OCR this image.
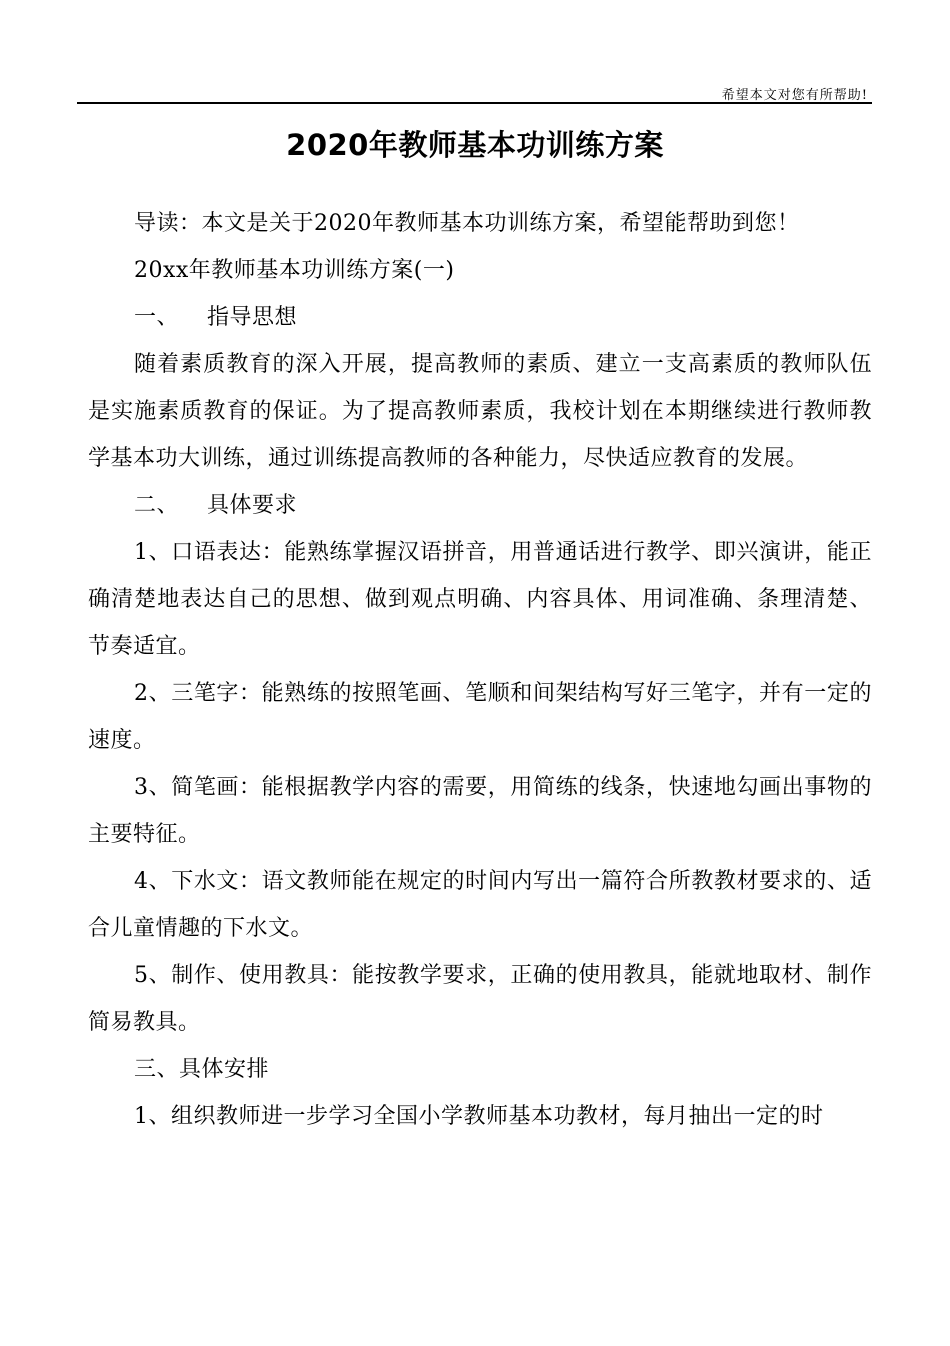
希望本文对您有所帮助!
2020年教师基本功训练方案

导读：本文是关于2020年教师基本功训练方案，希望能帮助到您！

20xx年教师基本功训练方案(一)

一、 指导思想

随着素质教育的深入开展，提高教师的素质、建立一支高素质的教师队伍是实施素质教育的保证。为了提高教师素质，我校计划在本期继续进行教师教学基本功大训练，通过训练提高教师的各种能力，尽快适应教育的发展。

二、 具体要求

1、口语表达：能熟练掌握汉语拼音，用普通话进行教学、即兴演讲，能正确清楚地表达自己的思想、做到观点明确、内容具体、用词准确、条理清楚、节奏适宜。

2、三笔字：能熟练的按照笔画、笔顺和间架结构写好三笔字，并有一定的速度。

3、简笔画：能根据教学内容的需要，用简练的线条，快速地勾画出事物的主要特征。

4、下水文：语文教师能在规定的时间内写出一篇符合所教教材要求的、适合儿童情趣的下水文。

5、制作、使用教具：能按教学要求，正确的使用教具，能就地取材、制作简易教具。

三、具体安排

1、组织教师进一步学习全国小学教师基本功教材，每月抽出一定的时
